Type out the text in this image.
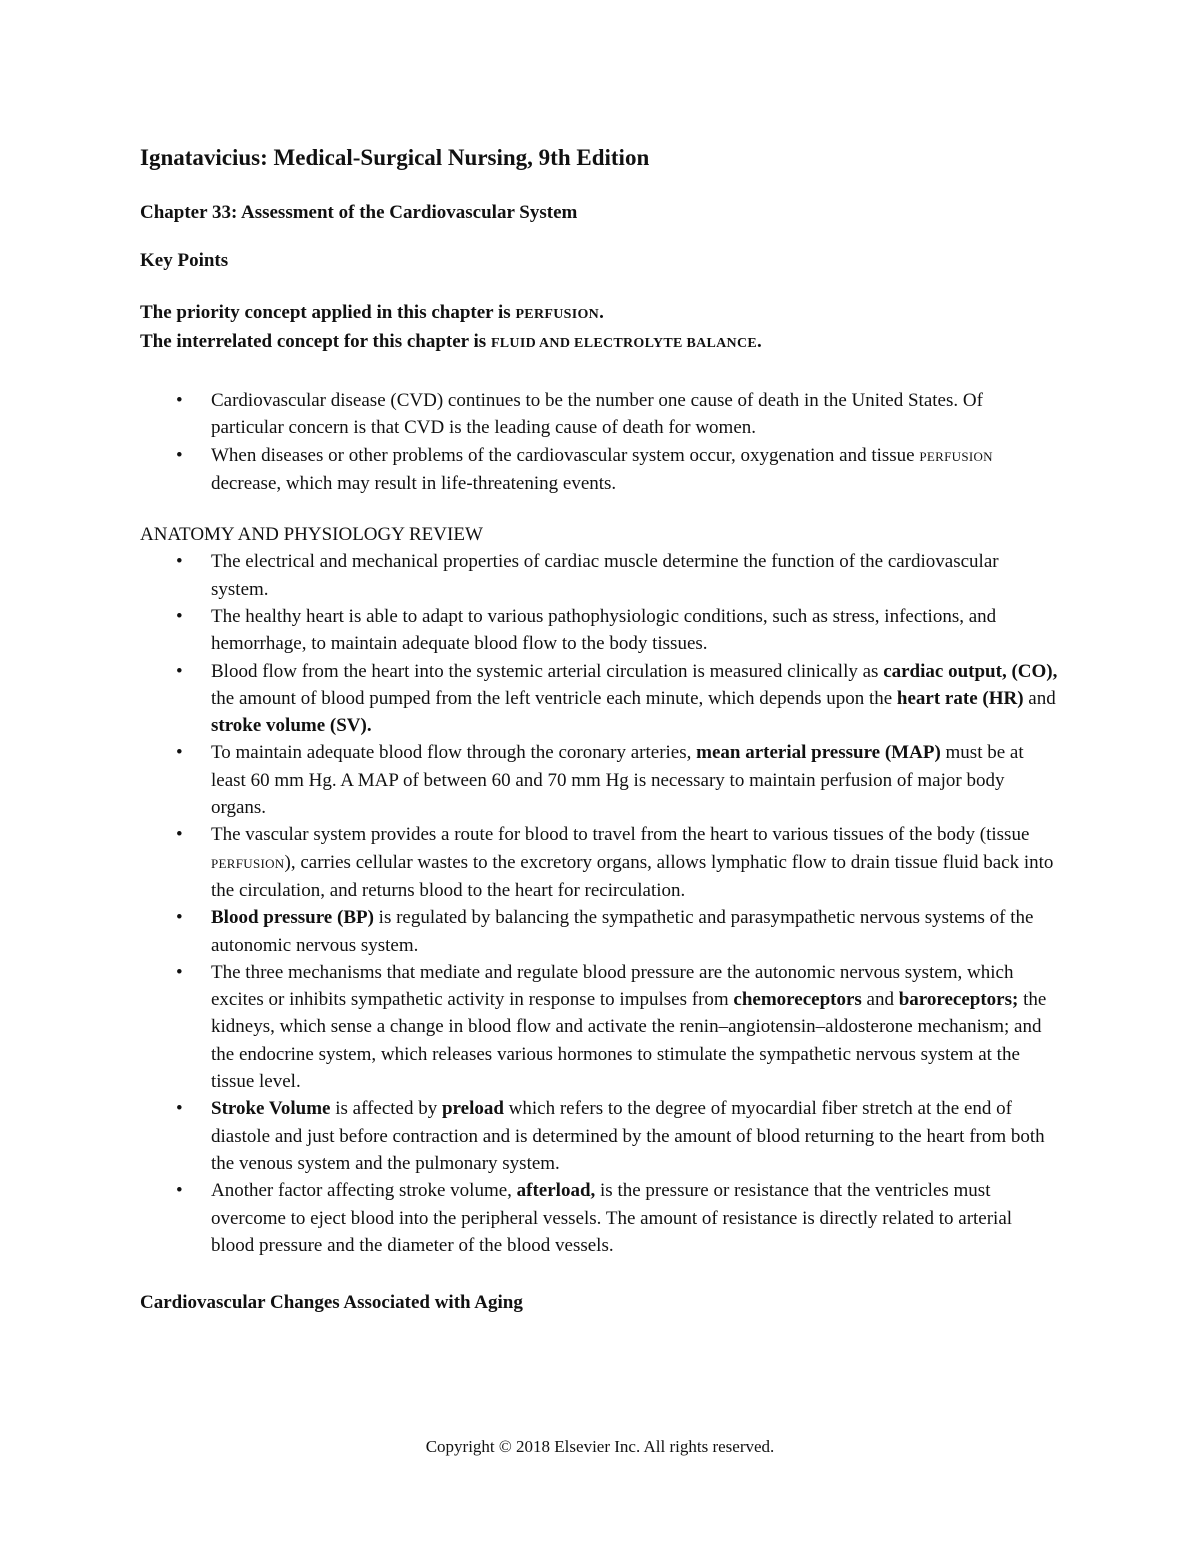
Ignatavicius: Medical-Surgical Nursing, 9th Edition
Chapter 33: Assessment of the Cardiovascular System
Key Points
The priority concept applied in this chapter is PERFUSION.
The interrelated concept for this chapter is FLUID AND ELECTROLYTE BALANCE.
• Cardiovascular disease (CVD) continues to be the number one cause of death in the United States. Of particular concern is that CVD is the leading cause of death for women.
• When diseases or other problems of the cardiovascular system occur, oxygenation and tissue PERFUSION decrease, which may result in life-threatening events.
ANATOMY AND PHYSIOLOGY REVIEW
• The electrical and mechanical properties of cardiac muscle determine the function of the cardiovascular system.
• The healthy heart is able to adapt to various pathophysiologic conditions, such as stress, infections, and hemorrhage, to maintain adequate blood flow to the body tissues.
• Blood flow from the heart into the systemic arterial circulation is measured clinically as cardiac output, (CO), the amount of blood pumped from the left ventricle each minute, which depends upon the heart rate (HR) and stroke volume (SV).
• To maintain adequate blood flow through the coronary arteries, mean arterial pressure (MAP) must be at least 60 mm Hg. A MAP of between 60 and 70 mm Hg is necessary to maintain perfusion of major body organs.
• The vascular system provides a route for blood to travel from the heart to various tissues of the body (tissue PERFUSION), carries cellular wastes to the excretory organs, allows lymphatic flow to drain tissue fluid back into the circulation, and returns blood to the heart for recirculation.
• Blood pressure (BP) is regulated by balancing the sympathetic and parasympathetic nervous systems of the autonomic nervous system.
• The three mechanisms that mediate and regulate blood pressure are the autonomic nervous system, which excites or inhibits sympathetic activity in response to impulses from chemoreceptors and baroreceptors; the kidneys, which sense a change in blood flow and activate the renin–angiotensin–aldosterone mechanism; and the endocrine system, which releases various hormones to stimulate the sympathetic nervous system at the tissue level.
• Stroke Volume is affected by preload which refers to the degree of myocardial fiber stretch at the end of diastole and just before contraction and is determined by the amount of blood returning to the heart from both the venous system and the pulmonary system.
• Another factor affecting stroke volume, afterload, is the pressure or resistance that the ventricles must overcome to eject blood into the peripheral vessels. The amount of resistance is directly related to arterial blood pressure and the diameter of the blood vessels.
Cardiovascular Changes Associated with Aging
Copyright © 2018 Elsevier Inc. All rights reserved.
